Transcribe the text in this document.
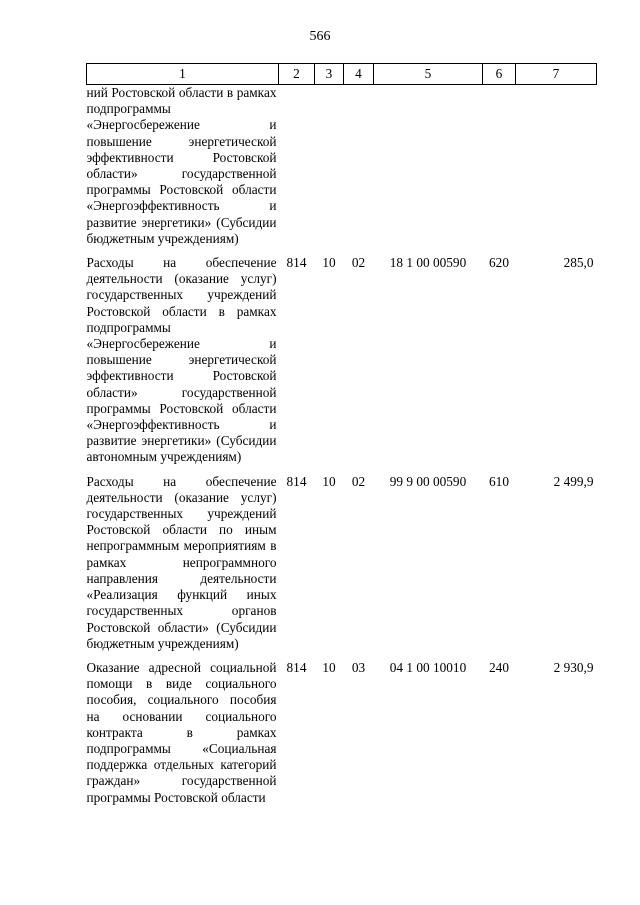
566
1	2	3	4	5	6	7
ний Ростовской области в рамках подпрограммы «Энергосбережение и повышение энергетической эффективности Ростовской области» государственной программы Ростовской области «Энергоэффективность и развитие энергетики» (Субсидии бюджетным учреждениям)						
Расходы на обеспечение деятельности (оказание услуг) государственных учреждений Ростовской области в рамках подпрограммы «Энергосбережение и повышение энергетической эффективности Ростовской области» государственной программы Ростовской области «Энергоэффективность и развитие энергетики» (Субсидии автономным учреждениям)	814	10	02	18 1 00 00590	620	285,0
Расходы на обеспечение деятельности (оказание услуг) государственных учреждений Ростовской области по иным непрограммным мероприятиям в рамках непрограммного направления деятельности «Реализация функций иных государственных органов Ростовской области» (Субсидии бюджетным учреждениям)	814	10	02	99 9 00 00590	610	2 499,9
Оказание адресной социальной помощи в виде социального пособия, социального пособия на основании социального контракта в рамках подпрограммы «Социальная поддержка отдельных категорий граждан» государственной программы Ростовской области	814	10	03	04 1 00 10010	240	2 930,9
